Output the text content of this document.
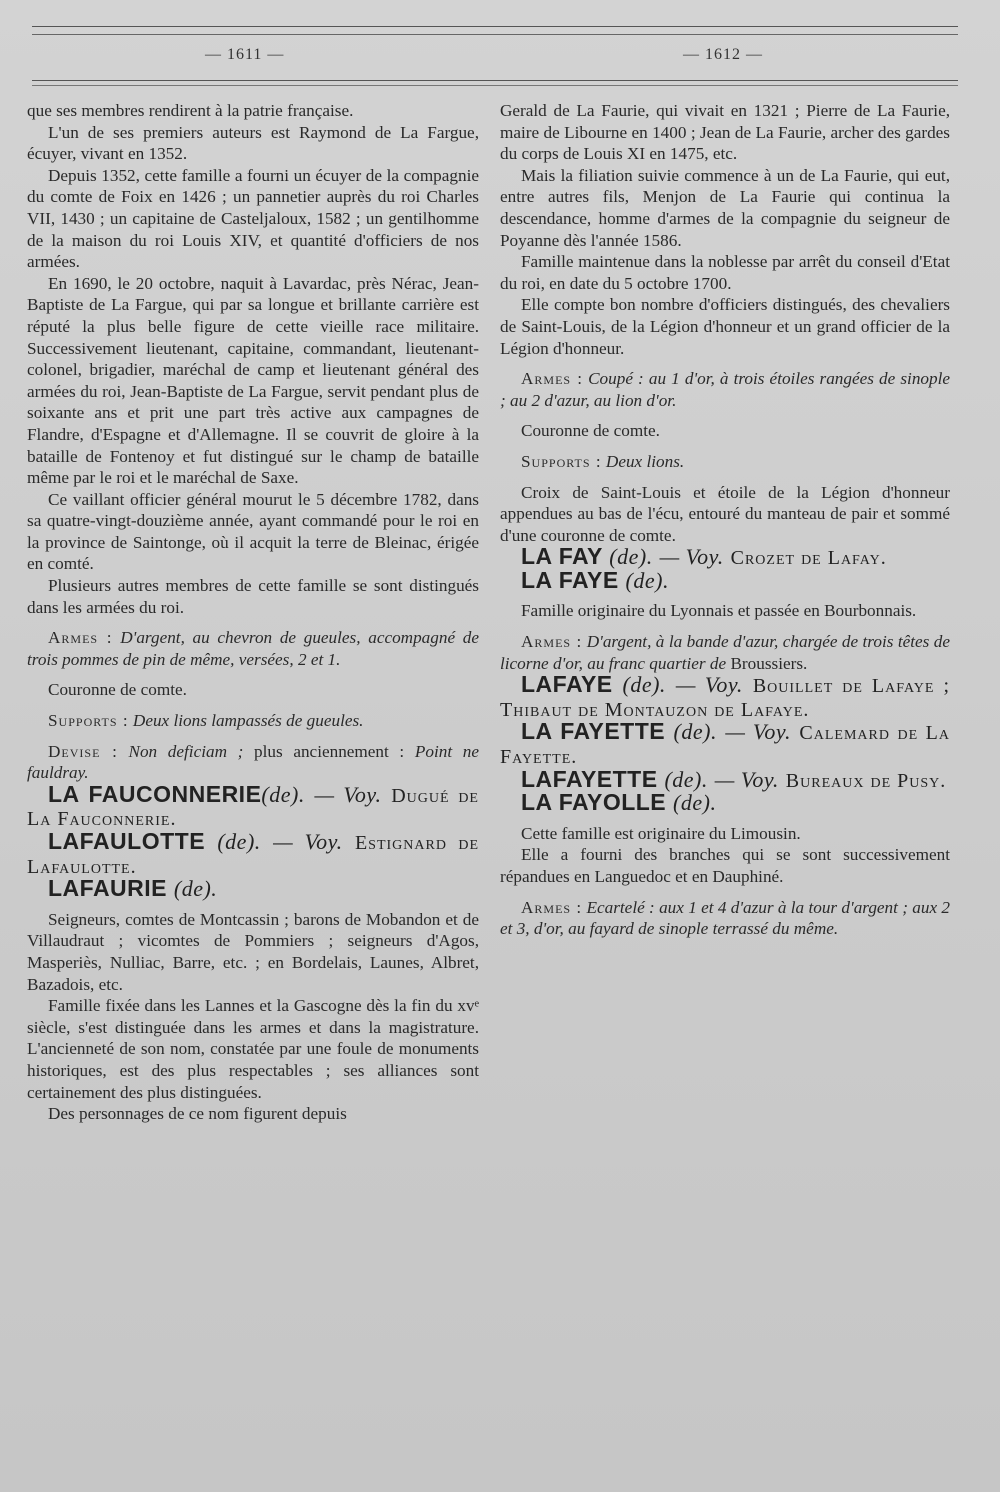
— 1611 —	— 1612 —

que ses membres rendirent à la patrie française.

L'un de ses premiers auteurs est Raymond de La Fargue, écuyer, vivant en 1352.

Depuis 1352, cette famille a fourni un écuyer de la compagnie du comte de Foix en 1426 ; un pannetier auprès du roi Charles VII, 1430 ; un capitaine de Casteljaloux, 1582 ; un gentilhomme de la maison du roi Louis XIV, et quantité d'officiers de nos armées.

En 1690, le 20 octobre, naquit à Lavardac, près Nérac, Jean-Baptiste de La Fargue, qui par sa longue et brillante carrière est réputé la plus belle figure de cette vieille race militaire. Successivement lieutenant, capitaine, commandant, lieutenant-colonel, brigadier, maréchal de camp et lieutenant général des armées du roi, Jean-Baptiste de La Fargue, servit pendant plus de soixante ans et prit une part très active aux campagnes de Flandre, d'Espagne et d'Allemagne. Il se couvrit de gloire à la bataille de Fontenoy et fut distingué sur le champ de bataille même par le roi et le maréchal de Saxe.

Ce vaillant officier général mourut le 5 décembre 1782, dans sa quatre-vingt-douzième année, ayant commandé pour le roi en la province de Saintonge, où il acquit la terre de Bleinac, érigée en comté.

Plusieurs autres membres de cette famille se sont distingués dans les armées du roi.

Armes : D'argent, au chevron de gueules, accompagné de trois pommes de pin de même, versées, 2 et 1.

Couronne de comte.

Supports : Deux lions lampassés de gueules.

Devise : Non deficiam ; plus anciennement : Point ne fauldray.

LA FAUCONNERIE(de). — Voy. Dugué de La Fauconnerie.

LAFAULOTTE (de). — Voy. Estignard de Lafaulotte.

LAFAURIE (de).

Seigneurs, comtes de Montcassin ; barons de Mobandon et de Villaudraut ; vicomtes de Pommiers ; seigneurs d'Agos, Masperiès, Nulliac, Barre, etc. ; en Bordelais, Launes, Albret, Bazadois, etc.

Famille fixée dans les Lannes et la Gascogne dès la fin du xvᵉ siècle, s'est distinguée dans les armes et dans la magistrature. L'ancienneté de son nom, constatée par une foule de monuments historiques, est des plus respectables ; ses alliances sont certainement des plus distinguées.

Des personnages de ce nom figurent depuis

Gerald de La Faurie, qui vivait en 1321 ; Pierre de La Faurie, maire de Libourne en 1400 ; Jean de La Faurie, archer des gardes du corps de Louis XI en 1475, etc.

Mais la filiation suivie commence à un de La Faurie, qui eut, entre autres fils, Menjon de La Faurie qui continua la descendance, homme d'armes de la compagnie du seigneur de Poyanne dès l'année 1586.

Famille maintenue dans la noblesse par arrêt du conseil d'Etat du roi, en date du 5 octobre 1700.

Elle compte bon nombre d'officiers distingués, des chevaliers de Saint-Louis, de la Légion d'honneur et un grand officier de la Légion d'honneur.

Armes : Coupé : au 1 d'or, à trois étoiles rangées de sinople ; au 2 d'azur, au lion d'or.

Couronne de comte.

Supports : Deux lions.

Croix de Saint-Louis et étoile de la Légion d'honneur appendues au bas de l'écu, entouré du manteau de pair et sommé d'une couronne de comte.

LA FAY (de). — Voy. Crozet de Lafay.

LA FAYE (de).

Famille originaire du Lyonnais et passée en Bourbonnais.

Armes : D'argent, à la bande d'azur, chargée de trois têtes de licorne d'or, au franc quartier de Broussiers.

LAFAYE (de). — Voy. Bouillet de Lafaye ; Thibaut de Montauzon de Lafaye.

LA FAYETTE (de). — Voy. Calemard de La Fayette.

LAFAYETTE (de). — Voy. Bureaux de Pusy.

LA FAYOLLE (de).

Cette famille est originaire du Limousin.

Elle a fourni des branches qui se sont successivement répandues en Languedoc et en Dauphiné.

Armes : Ecartelé : aux 1 et 4 d'azur à la tour d'argent ; aux 2 et 3, d'or, au fayard de sinople terrassé du même.
